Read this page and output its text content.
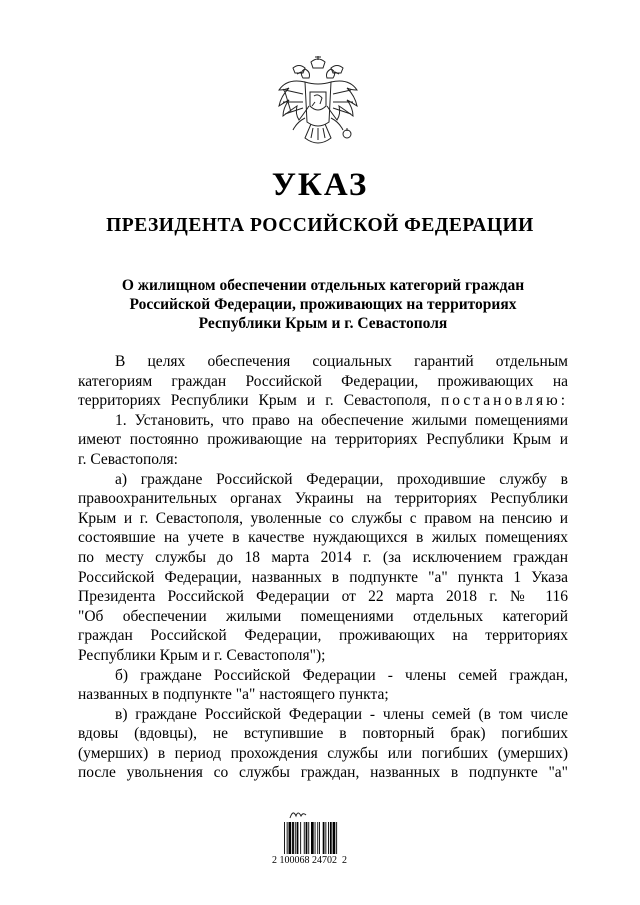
УКАЗ
ПРЕЗИДЕНТА РОССИЙСКОЙ ФЕДЕРАЦИИ
О жилищном обеспечении отдельных категорий граждан
Российской Федерации, проживающих на территориях
Республики Крым и г. Севастополя
В целях обеспечения социальных гарантий отдельным
категориям граждан Российской Федерации, проживающих на
территориях Республики Крым и г. Севастополя, постановляю:
1. Установить, что право на обеспечение жилыми помещениями
имеют постоянно проживающие на территориях Республики Крым и
г. Севастополя:
а) граждане Российской Федерации, проходившие службу в
правоохранительных органах Украины на территориях Республики
Крым и г. Севастополя, уволенные со службы с правом на пенсию и
состоявшие на учете в качестве нуждающихся в жилых помещениях
по месту службы до 18 марта 2014 г. (за исключением граждан
Российской Федерации, названных в подпункте "а" пункта 1 Указа
Президента Российской Федерации от 22 марта 2018 г. № 116
"Об обеспечении жилыми помещениями отдельных категорий
граждан Российской Федерации, проживающих на территориях
Республики Крым и г. Севастополя");
б) граждане Российской Федерации - члены семей граждан,
названных в подпункте "а" настоящего пункта;
в) граждане Российской Федерации - члены семей (в том числе
вдовы (вдовцы), не вступившие в повторный брак) погибших
(умерших) в период прохождения службы или погибших (умерших)
после увольнения со службы граждан, названных в подпункте "а"
2 100068 24702  2
